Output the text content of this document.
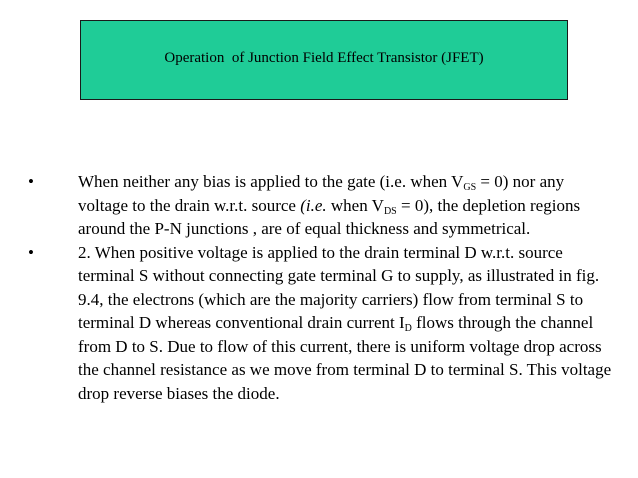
Operation  of Junction Field Effect Transistor (JFET)
•	When neither any bias is applied to the gate (i.e. when $V_{GS} = 0$) nor any voltage to the drain w.r.t. source (i.e. when $V_{DS} = 0$), the depletion regions around the P-N junctions , are of equal thickness and symmetrical.
•	2. When positive voltage is applied to the drain terminal D w.r.t. source terminal S without connecting gate terminal G to supply, as illustrated in fig. 9.4, the electrons (which are the majority carriers) flow from terminal S to terminal D whereas conventional drain current $I_D$ flows through the channel from D to S. Due to flow of this current, there is uniform voltage drop across the channel resistance as we move from terminal D to terminal S. This voltage drop reverse biases the diode.
